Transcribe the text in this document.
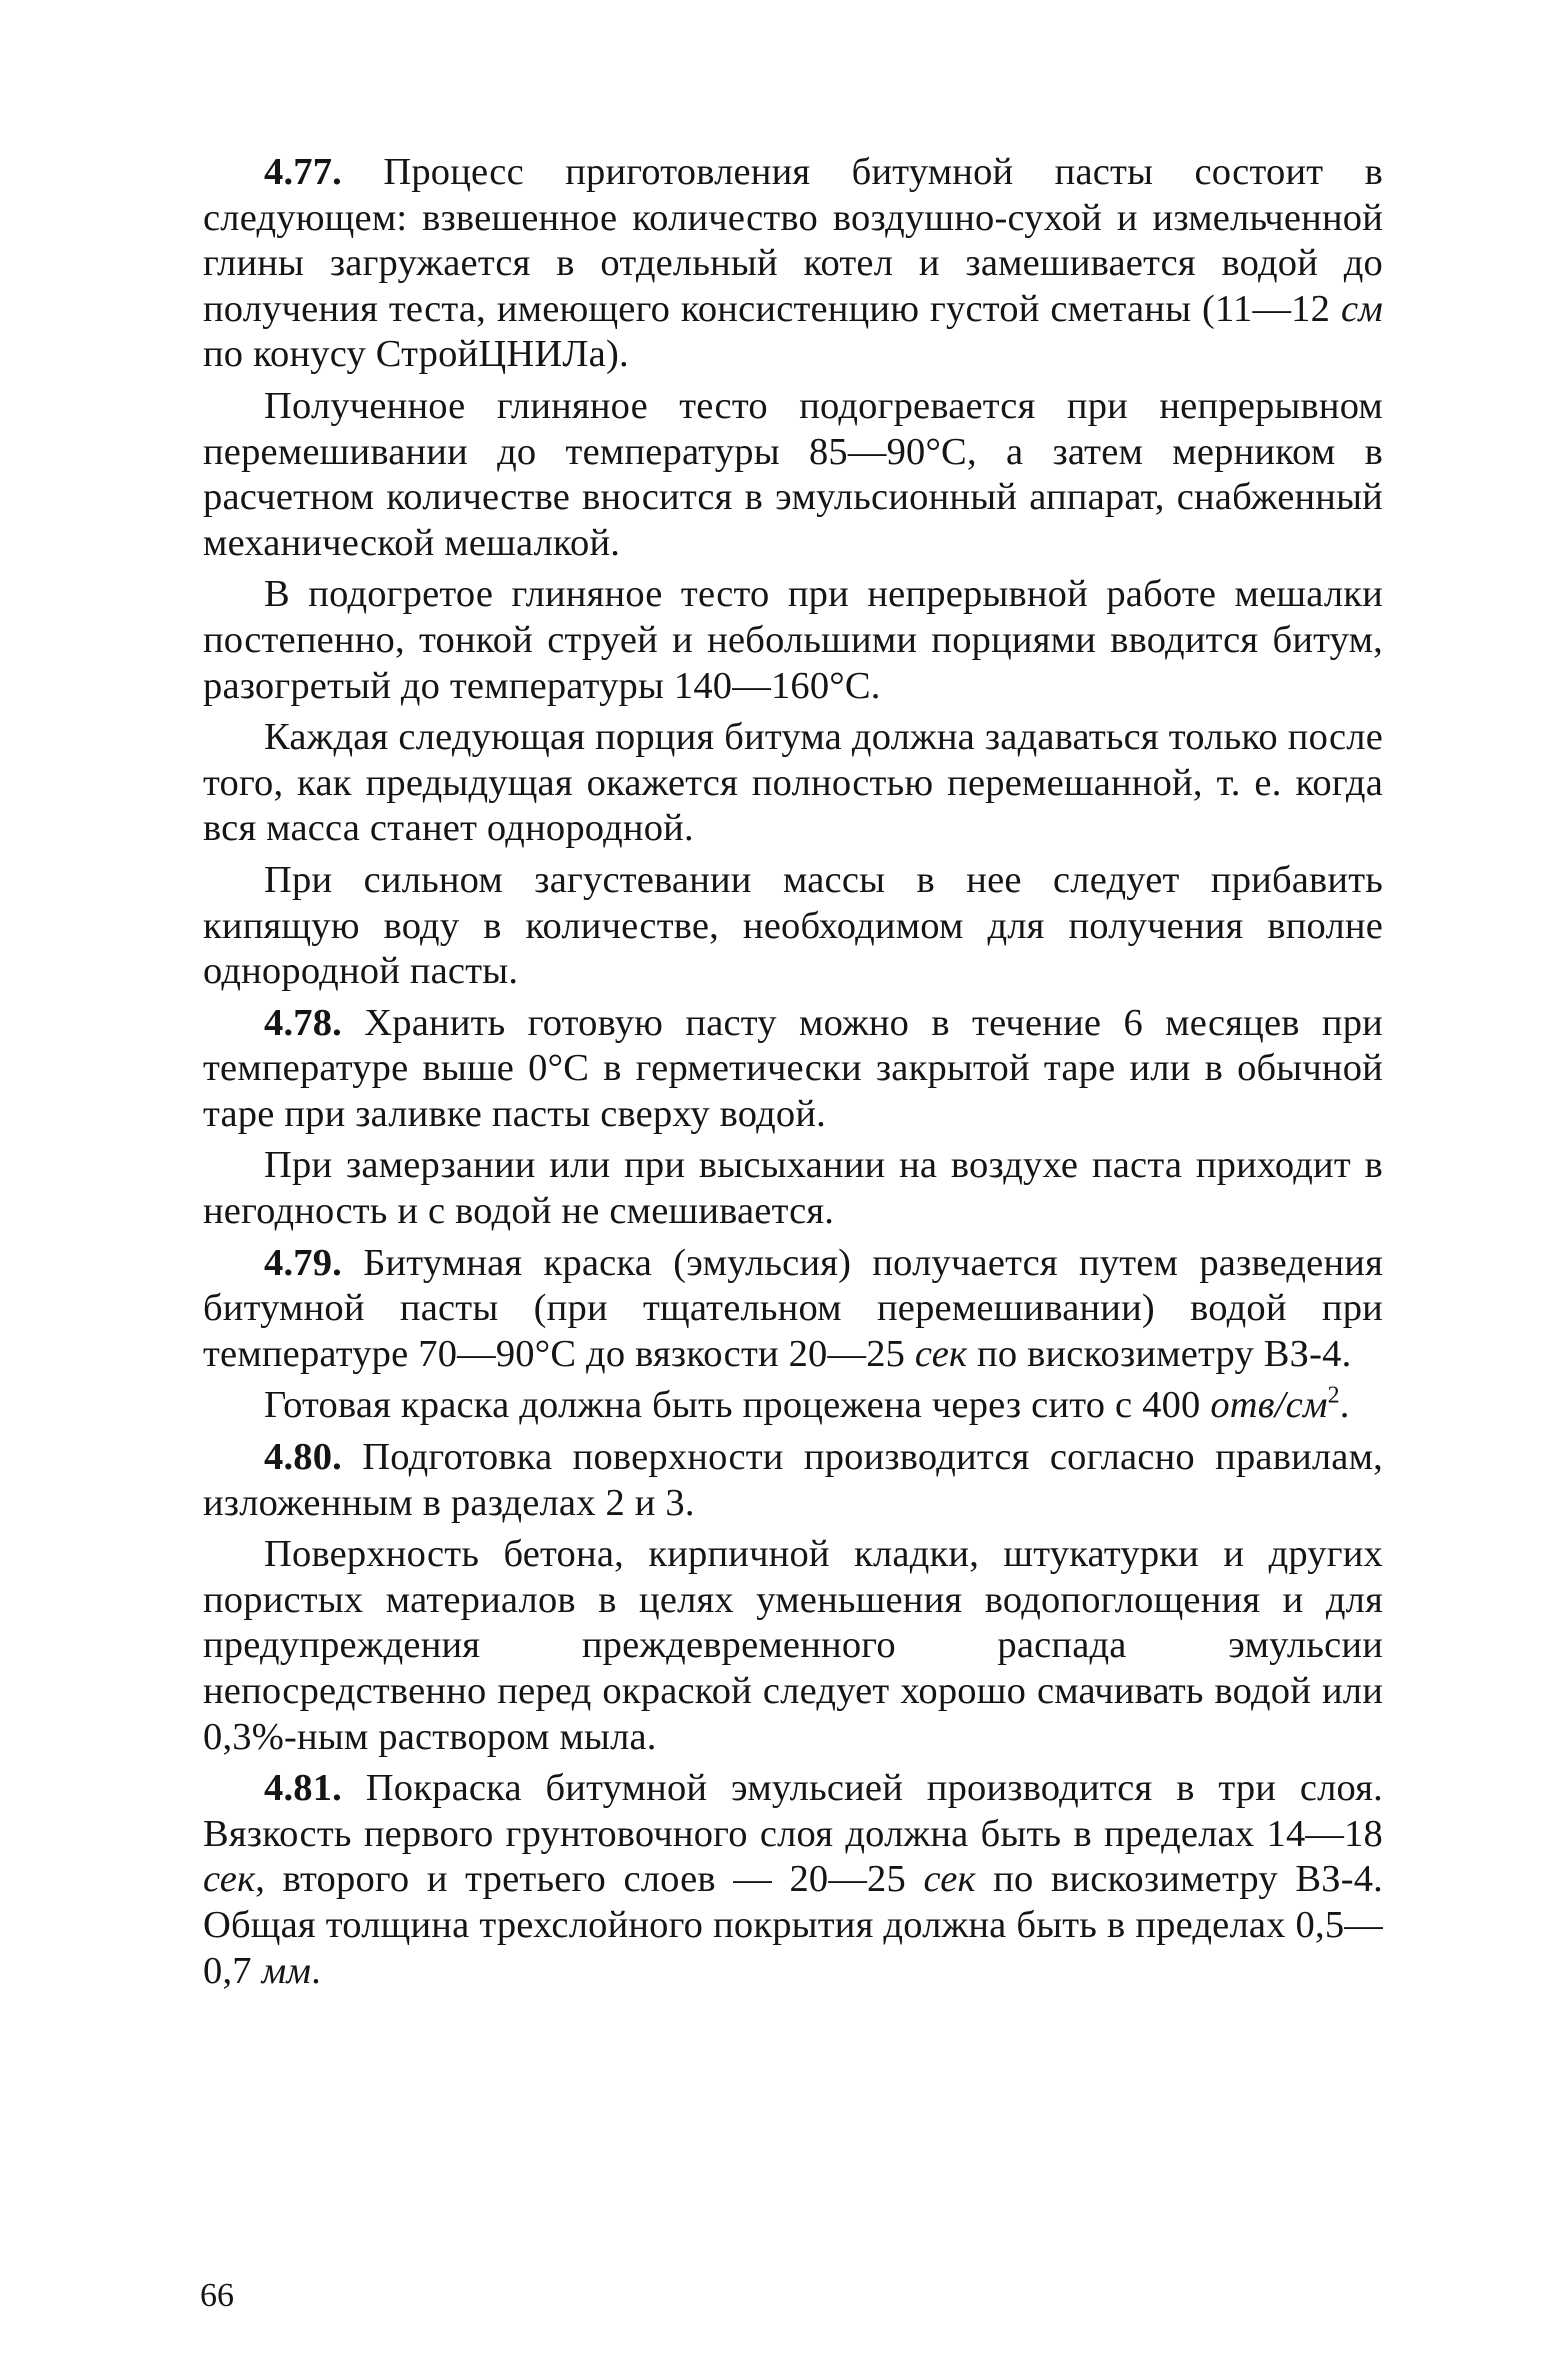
4.77. Процесс приготовления битумной пасты состоит в следующем: взвешенное количество воздушно-сухой и измельченной глины загружается в отдельный котел и замешивается водой до получения теста, имеющего консистенцию густой сметаны (11—12 см по конусу СтройЦНИЛа).

Полученное глиняное тесто подогревается при непрерывном перемешивании до температуры 85—90°С, а затем мерником в расчетном количестве вносится в эмульсионный аппарат, снабженный механической мешалкой.

В подогретое глиняное тесто при непрерывной работе мешалки постепенно, тонкой струей и небольшими порциями вводится битум, разогретый до температуры 140—160°С.

Каждая следующая порция битума должна задаваться только после того, как предыдущая окажется полностью перемешанной, т. е. когда вся масса станет однородной.

При сильном загустевании массы в нее следует прибавить кипящую воду в количестве, необходимом для получения вполне однородной пасты.

4.78. Хранить готовую пасту можно в течение 6 месяцев при температуре выше 0°С в герметически закрытой таре или в обычной таре при заливке пасты сверху водой.

При замерзании или при высыхании на воздухе паста приходит в негодность и с водой не смешивается.

4.79. Битумная краска (эмульсия) получается путем разведения битумной пасты (при тщательном перемешивании) водой при температуре 70—90°С до вязкости 20—25 сек по вискозиметру ВЗ-4.

Готовая краска должна быть процежена через сито с 400 отв/$см^2$.

4.80. Подготовка поверхности производится согласно правилам, изложенным в разделах 2 и 3.

Поверхность бетона, кирпичной кладки, штукатурки и других пористых материалов в целях уменьшения водопоглощения и для предупреждения преждевременного распада эмульсии непосредственно перед окраской следует хорошо смачивать водой или 0,3%-ным раствором мыла.

4.81. Покраска битумной эмульсией производится в три слоя. Вязкость первого грунтовочного слоя должна быть в пределах 14—18 сек, второго и третьего слоев — 20—25 сек по вискозиметру ВЗ-4. Общая толщина трехслойного покрытия должна быть в пределах 0,5—0,7 мм.

66
